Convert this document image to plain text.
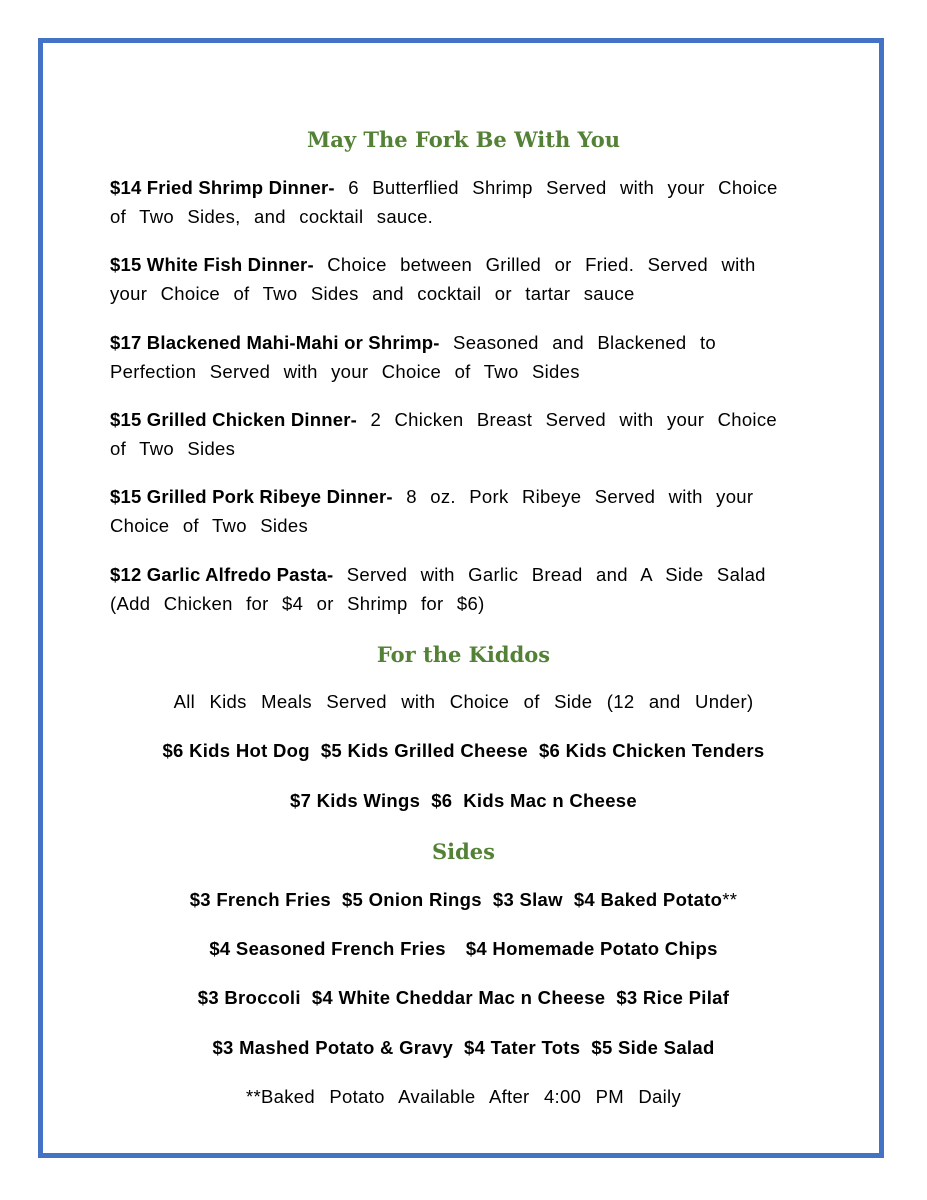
May The Fork Be With You

$14 Fried Shrimp Dinner- 6 Butterflied Shrimp Served with your Choice
of Two Sides, and cocktail sauce.

$15 White Fish Dinner- Choice between Grilled or Fried. Served with
your Choice of Two Sides and cocktail or tartar sauce

$17 Blackened Mahi-Mahi or Shrimp- Seasoned and Blackened to
Perfection Served with your Choice of Two Sides

$15 Grilled Chicken Dinner- 2 Chicken Breast Served with your Choice
of Two Sides

$15 Grilled Pork Ribeye Dinner- 8 oz. Pork Ribeye Served with your
Choice of Two Sides

$12 Garlic Alfredo Pasta- Served with Garlic Bread and A Side Salad
(Add Chicken for $4 or Shrimp for $6)

For the Kiddos

All Kids Meals Served with Choice of Side (12 and Under)

$6 Kids Hot Dog $5 Kids Grilled Cheese $6 Kids Chicken Tenders

$7 Kids Wings $6  Kids Mac n Cheese

Sides

$3 French Fries $5 Onion Rings $3 Slaw $4 Baked Potato**

$4 Seasoned French Fries $4 Homemade Potato Chips

$3 Broccoli $4 White Cheddar Mac n Cheese $3 Rice Pilaf

$3 Mashed Potato & Gravy $4 Tater Tots $5 Side Salad

**Baked Potato Available After 4:00 PM Daily
